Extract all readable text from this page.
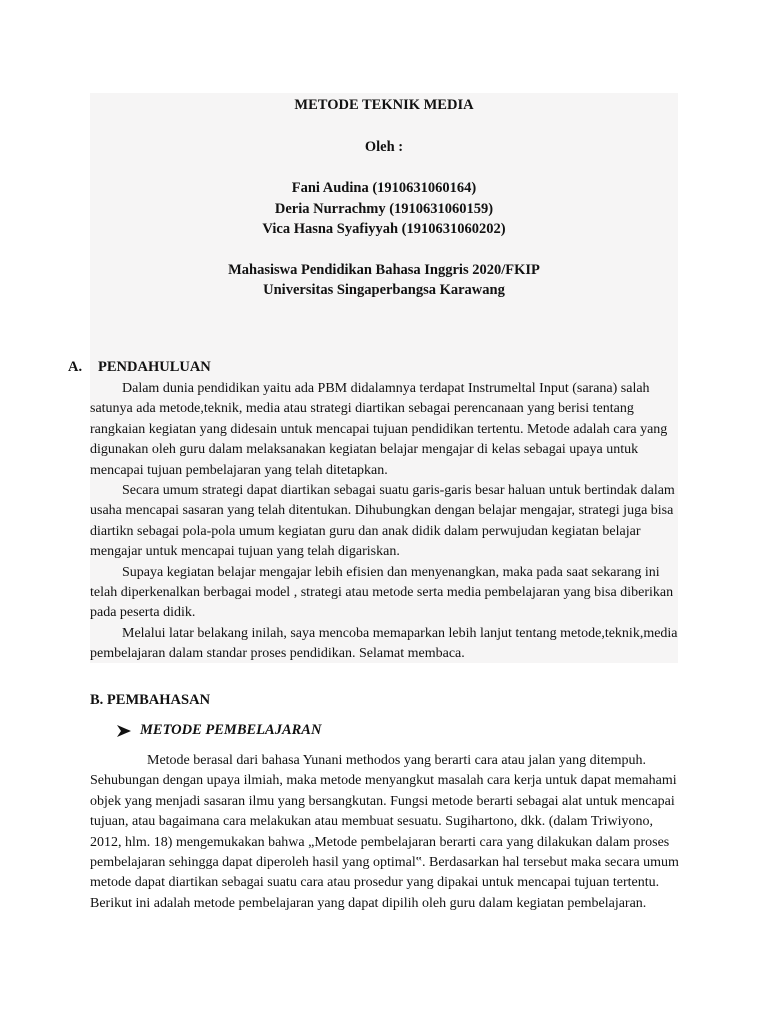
METODE TEKNIK MEDIA
Oleh :
Fani Audina (1910631060164)
Deria Nurrachmy (1910631060159)
Vica Hasna Syafiyyah (1910631060202)
Mahasiswa Pendidikan Bahasa Inggris 2020/FKIP
Universitas Singaperbangsa Karawang
A. PENDAHULUAN

Dalam dunia pendidikan yaitu ada PBM didalamnya terdapat Instrumeltal Input (sarana) salah satunya ada metode,teknik, media atau strategi diartikan sebagai perencanaan yang berisi tentang rangkaian kegiatan yang didesain untuk mencapai tujuan pendidikan tertentu. Metode adalah cara yang digunakan oleh guru dalam melaksanakan kegiatan belajar mengajar di kelas sebagai upaya untuk mencapai tujuan pembelajaran yang telah ditetapkan.

Secara umum strategi dapat diartikan sebagai suatu garis-garis besar haluan untuk bertindak dalam usaha mencapai sasaran yang telah ditentukan. Dihubungkan dengan belajar mengajar, strategi juga bisa diartikn sebagai pola-pola umum kegiatan guru dan anak didik dalam perwujudan kegiatan belajar mengajar untuk mencapai tujuan yang telah digariskan.

Supaya kegiatan belajar mengajar lebih efisien dan menyenangkan, maka pada saat sekarang ini telah diperkenalkan berbagai model , strategi atau metode serta media pembelajaran yang bisa diberikan pada peserta didik.

Melalui latar belakang inilah, saya mencoba memaparkan lebih lanjut tentang metode,teknik,media pembelajaran dalam standar proses pendidikan. Selamat membaca.

B. PEMBAHASAN
METODE PEMBELAJARAN

Metode berasal dari bahasa Yunani methodos yang berarti cara atau jalan yang ditempuh. Sehubungan dengan upaya ilmiah, maka metode menyangkut masalah cara kerja untuk dapat memahami objek yang menjadi sasaran ilmu yang bersangkutan. Fungsi metode berarti sebagai alat untuk mencapai tujuan, atau bagaimana cara melakukan atau membuat sesuatu. Sugihartono, dkk. (dalam Triwiyono, 2012, hlm. 18) mengemukakan bahwa „Metode pembelajaran berarti cara yang dilakukan dalam proses pembelajaran sehingga dapat diperoleh hasil yang optimal‟. Berdasarkan hal tersebut maka secara umum metode dapat diartikan sebagai suatu cara atau prosedur yang dipakai untuk mencapai tujuan tertentu. Berikut ini adalah metode pembelajaran yang dapat dipilih oleh guru dalam kegiatan pembelajaran.
